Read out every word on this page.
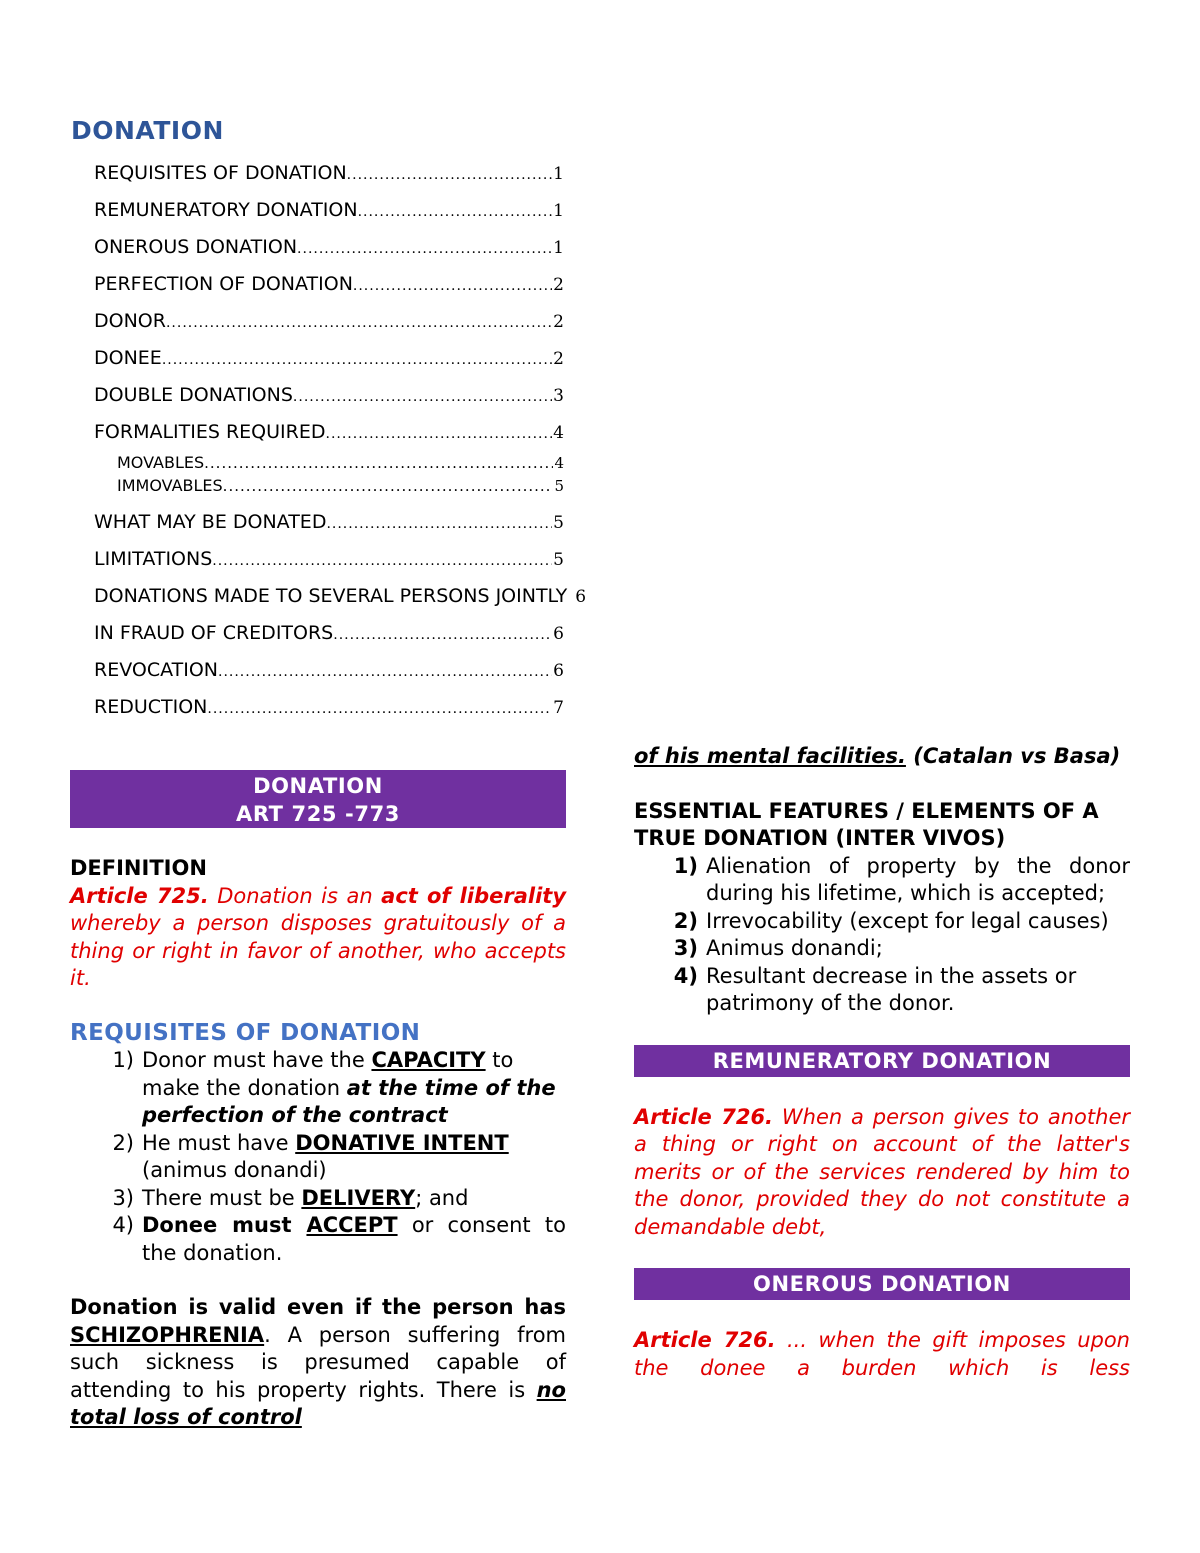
DONATION
REQUISITES OF DONATION .....	1
REMUNERATORY DONATION .....	1
ONEROUS DONATION .....	1
PERFECTION OF DONATION .....	2
DONOR .....	2
DONEE .....	2
DOUBLE DONATIONS .....	3
FORMALITIES REQUIRED .....	4
MOVABLES .....	4
IMMOVABLES .....	5
WHAT MAY BE DONATED .....	5
LIMITATIONS .....	5
DONATIONS MADE TO SEVERAL PERSONS JOINTLY 6
IN FRAUD OF CREDITORS .....	6
REVOCATION .....	6
REDUCTION .....	7
DONATION
ART 725 -773
DEFINITION
Article 725. Donation is an act of liberality whereby a person disposes gratuitously of a thing or right in favor of another, who accepts it.
REQUISITES OF DONATION
1) Donor must have the CAPACITY to make the donation at the time of the perfection of the contract
2) He must have DONATIVE INTENT (animus donandi)
3) There must be DELIVERY; and
4) Donee must ACCEPT or consent to the donation.
Donation is valid even if the person has SCHIZOPHRENIA. A person suffering from such sickness is presumed capable of attending to his property rights. There is no total loss of control
of his mental facilities. (Catalan vs Basa)
ESSENTIAL FEATURES / ELEMENTS OF A TRUE DONATION (INTER VIVOS)
1) Alienation of property by the donor during his lifetime, which is accepted;
2) Irrevocability (except for legal causes)
3) Animus donandi;
4) Resultant decrease in the assets or patrimony of the donor.
REMUNERATORY DONATION
Article 726. When a person gives to another a thing or right on account of the latter's merits or of the services rendered by him to the donor, provided they do not constitute a demandable debt,
ONEROUS DONATION
Article 726. ... when the gift imposes upon the donee a burden which is less
